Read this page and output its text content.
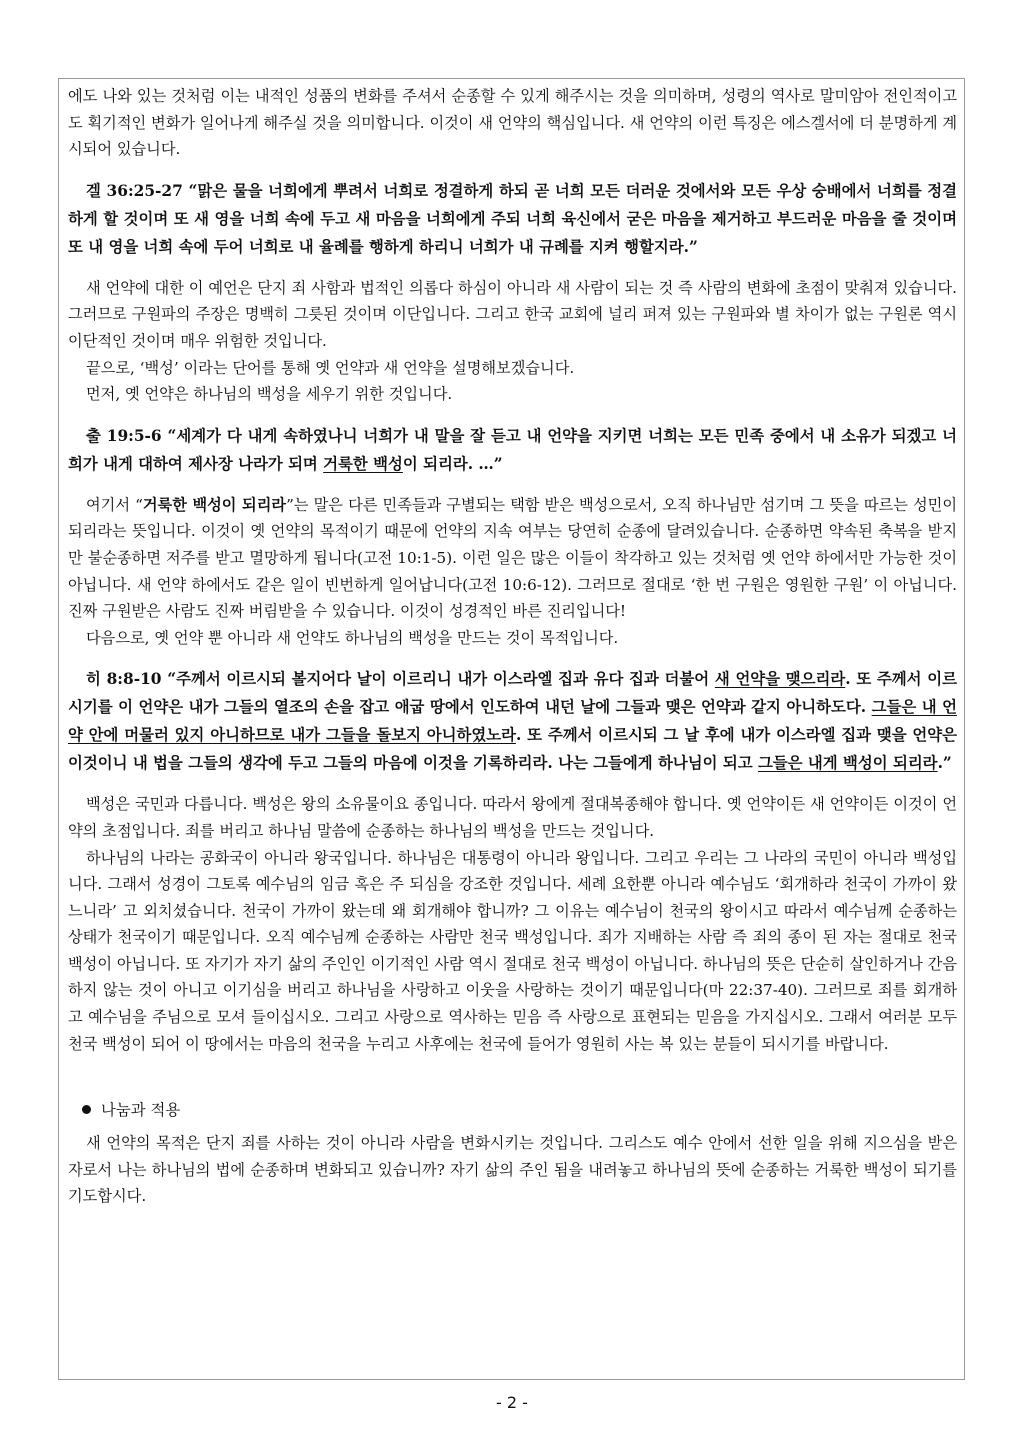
에도 나와 있는 것처럼 이는 내적인 성품의 변화를 주셔서 순종할 수 있게 해주시는 것을 의미하며, 성령의 역사로 말미암아 전인적이고도 획기적인 변화가 일어나게 해주실 것을 의미합니다. 이것이 새 언약의 핵심입니다. 새 언약의 이런 특징은 에스겔서에 더 분명하게 계시되어 있습니다.

겔 36:25-27 “맑은 물을 너희에게 뿌려서 너희로 정결하게 하되 곧 너희 모든 더러운 것에서와 모든 우상 숭배에서 너희를 정결하게 할 것이며 또 새 영을 너희 속에 두고 새 마음을 너희에게 주되 너희 육신에서 굳은 마음을 제거하고 부드러운 마음을 줄 것이며 또 내 영을 너희 속에 두어 너희로 내 율례를 행하게 하리니 너희가 내 규례를 지켜 행할지라.”

새 언약에 대한 이 예언은 단지 죄 사함과 법적인 의롭다 하심이 아니라 새 사람이 되는 것 즉 사람의 변화에 초점이 맞춰져 있습니다. 그러므로 구원파의 주장은 명백히 그릇된 것이며 이단입니다. 그리고 한국 교회에 널리 퍼져 있는 구원파와 별 차이가 없는 구원론 역시 이단적인 것이며 매우 위험한 것입니다.

끝으로, ‘백성’ 이라는 단어를 통해 옛 언약과 새 언약을 설명해보겠습니다.

먼저, 옛 언약은 하나님의 백성을 세우기 위한 것입니다.

출 19:5-6 “세계가 다 내게 속하였나니 너희가 내 말을 잘 듣고 내 언약을 지키면 너희는 모든 민족 중에서 내 소유가 되겠고 너희가 내게 대하여 제사장 나라가 되며 거룩한 백성이 되리라. …”

여기서 “거룩한 백성이 되리라”는 말은 다른 민족들과 구별되는 택함 받은 백성으로서, 오직 하나님만 섬기며 그 뜻을 따르는 성민이 되리라는 뜻입니다. 이것이 옛 언약의 목적이기 때문에 언약의 지속 여부는 당연히 순종에 달려있습니다. 순종하면 약속된 축복을 받지만 불순종하면 저주를 받고 멸망하게 됩니다(고전 10:1-5). 이런 일은 많은 이들이 착각하고 있는 것처럼 옛 언약 하에서만 가능한 것이 아닙니다. 새 언약 하에서도 같은 일이 빈번하게 일어납니다(고전 10:6-12). 그러므로 절대로 ‘한 번 구원은 영원한 구원’ 이 아닙니다. 진짜 구원받은 사람도 진짜 버림받을 수 있습니다. 이것이 성경적인 바른 진리입니다!

다음으로, 옛 언약 뿐 아니라 새 언약도 하나님의 백성을 만드는 것이 목적입니다.

히 8:8-10 “주께서 이르시되 볼지어다 날이 이르리니 내가 이스라엘 집과 유다 집과 더불어 새 언약을 맺으리라. 또 주께서 이르시기를 이 언약은 내가 그들의 열조의 손을 잡고 애굽 땅에서 인도하여 내던 날에 그들과 맺은 언약과 같지 아니하도다. 그들은 내 언약 안에 머물러 있지 아니하므로 내가 그들을 돌보지 아니하였노라. 또 주께서 이르시되 그 날 후에 내가 이스라엘 집과 맺을 언약은 이것이니 내 법을 그들의 생각에 두고 그들의 마음에 이것을 기록하리라. 나는 그들에게 하나님이 되고 그들은 내게 백성이 되리라.”

백성은 국민과 다릅니다. 백성은 왕의 소유물이요 종입니다. 따라서 왕에게 절대복종해야 합니다. 옛 언약이든 새 언약이든 이것이 언약의 초점입니다. 죄를 버리고 하나님 말씀에 순종하는 하나님의 백성을 만드는 것입니다.

하나님의 나라는 공화국이 아니라 왕국입니다. 하나님은 대통령이 아니라 왕입니다. 그리고 우리는 그 나라의 국민이 아니라 백성입니다. 그래서 성경이 그토록 예수님의 임금 혹은 주 되심을 강조한 것입니다. 세례 요한뿐 아니라 예수님도 ‘회개하라 천국이 가까이 왔느니라’ 고 외치셨습니다. 천국이 가까이 왔는데 왜 회개해야 합니까? 그 이유는 예수님이 천국의 왕이시고 따라서 예수님께 순종하는 상태가 천국이기 때문입니다. 오직 예수님께 순종하는 사람만 천국 백성입니다. 죄가 지배하는 사람 즉 죄의 종이 된 자는 절대로 천국 백성이 아닙니다. 또 자기가 자기 삶의 주인인 이기적인 사람 역시 절대로 천국 백성이 아닙니다. 하나님의 뜻은 단순히 살인하거나 간음하지 않는 것이 아니고 이기심을 버리고 하나님을 사랑하고 이웃을 사랑하는 것이기 때문입니다(마 22:37-40). 그러므로 죄를 회개하고 예수님을 주님으로 모셔 들이십시오. 그리고 사랑으로 역사하는 믿음 즉 사랑으로 표현되는 믿음을 가지십시오. 그래서 여러분 모두 천국 백성이 되어 이 땅에서는 마음의 천국을 누리고 사후에는 천국에 들어가 영원히 사는 복 있는 분들이 되시기를 바랍니다.

나눔과 적용

새 언약의 목적은 단지 죄를 사하는 것이 아니라 사람을 변화시키는 것입니다. 그리스도 예수 안에서 선한 일을 위해 지으심을 받은 자로서 나는 하나님의 법에 순종하며 변화되고 있습니까? 자기 삶의 주인 됨을 내려놓고 하나님의 뜻에 순종하는 거룩한 백성이 되기를 기도합시다.

- 2 -
